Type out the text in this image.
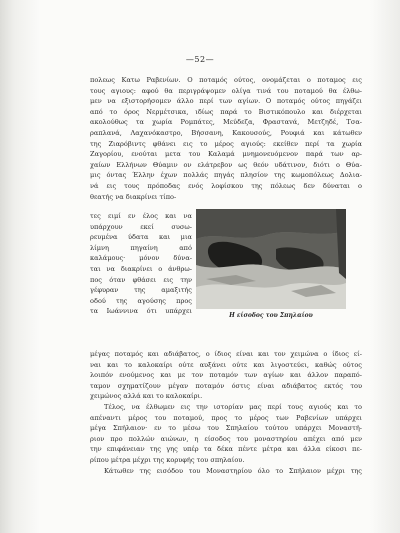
—52—
πολεως Κατω Ραβενίων. Ο ποταμός ούτος, ονομάζεται ο ποταμος εις
τους αγιους: αφού θα περιγράψομεν ολίγα τινά του ποταμού θα έλθω-
μεν να εξιστορήσομεν άλλο περί των αγίων. Ο ποταμός ούτος πηγάζει
από το όρος Νερμέτσικα, ιδίως παρά το Βιστικόπουλο και διέρχεται
ακολούθως τα χωρία Ρομπάτες, Μεύδεζα, Φρασταvά, Μετζηδέ, Τσα-
ραπλανά, Λαχανόκαστρο, Βήσσανη, Κακουσούς, Ρουφιά και κάτωθεν
της Ζιαρόβιντς φθάνει εις το μέρος αγιούς: εκείθεν περί τα χωρία
Ζαγορίου, ενούται μετα του Καλαμά μνημονευόμενον παρά των αρ-
χαίων Ελλήνων Θύαμιν ον ελάτρεβον ως θεόν υδάτινον, διότι ο Θύα-
μις όντας Έλλην έχων πολλάς πηγάς πλησίον της κωμοπόλεως Δολια-
νά εις τους πρόποδας ενός λοφίσκου της πόλεως δεν δύναται ο
θεατής να διακρίνει τίπο-
τες ειμί εν έλος και να
υπάρχουν εκεί συσω-
ρευμένα ύδατα και μια
λίμνη πηγαίνη από
καλάμους· μόνον δύνα-
ται να διακρίνει ο άνθρω-
πος όταν φθάσει εις την
γέφυραν της αμαξιτής
οδού της αγούσης προς
τα Ιωάννινα ότι υπάρχει
Η είσοδος του Σπηλαίου
μέγας ποταμός και αδιάβατος, ο ίδιος είναι και τον χειμώνα ο ίδιος εί-
ναι και το καλοκαίρι ούτε αυξάνει ούτε και λιγοστεύει, καθώς ούτος
λοιπόν ενούμενος και με τον ποταμόν των αγίων και άλλον παραπό-
ταμον σχηματίζουν μέγαν ποταμόν όστις είναι αδιάβατος εκτός του
χειμώνος αλλά και το καλοκαίρι.
Τέλος, να έλθωμεν εις την ιστορίαν μας περί τους αγιούς και το
απέναντι μέρος του ποταμού, προς το μέρος των Ραβενίων υπάρχει
μέγα Σπήλαιον· εν το μέσω του Σπηλαίου τούτου υπάρχει Μοναστή-
ριον προ πολλών αιώνων, η είσοδος του μοναστηρίου απέχει από μεν
την επιφάνειαν της γης υπέρ τα δέκα πέντε μέτρα και άλλα είκοσι πε-
ρίπου μέτρα μέχρι της κορυφής του σπηλαίου.
Κάτωθεν της εισόδου του Μοναστηρίου όλο το Σπήλαιον μέχρι της
